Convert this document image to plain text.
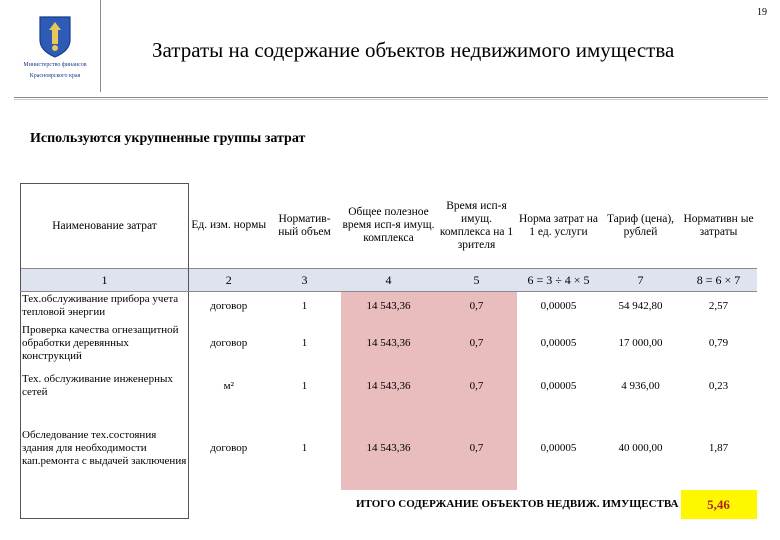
19
Министерство финансов
Красноярского края
Затраты на содержание объектов недвижимого имущества
Используются укрупненные группы затрат
Наименование затрат	Ед. изм. нормы	Норматив-ный объем	Общее полезное время исп-я имущ. комплекса	Время исп-я имущ. комплекса на 1 зрителя	Норма затрат на 1 ед. услуги	Тариф (цена), рублей	Нормативн ые затраты
1	2	3	4	5	6 = 3 ÷ 4 × 5	7	8 = 6 × 7
Тех.обслуживание прибора учета тепловой энергии	договор	1	14 543,36	0,7	0,00005	54 942,80	2,57
Проверка качества огнезащитной обработки деревянных конструкций	договор	1	14 543,36	0,7	0,00005	17 000,00	0,79
Тех. обслуживание инженерных сетей	м²	1	14 543,36	0,7	0,00005	4 936,00	0,23
Обследование тех.состояния здания для необходимости кап.ремонта с выдачей заключения	договор	1	14 543,36	0,7	0,00005	40 000,00	1,87
	ИТОГО СОДЕРЖАНИЕ ОБЪЕКТОВ НЕДВИЖ. ИМУЩЕСТВА						5,46
